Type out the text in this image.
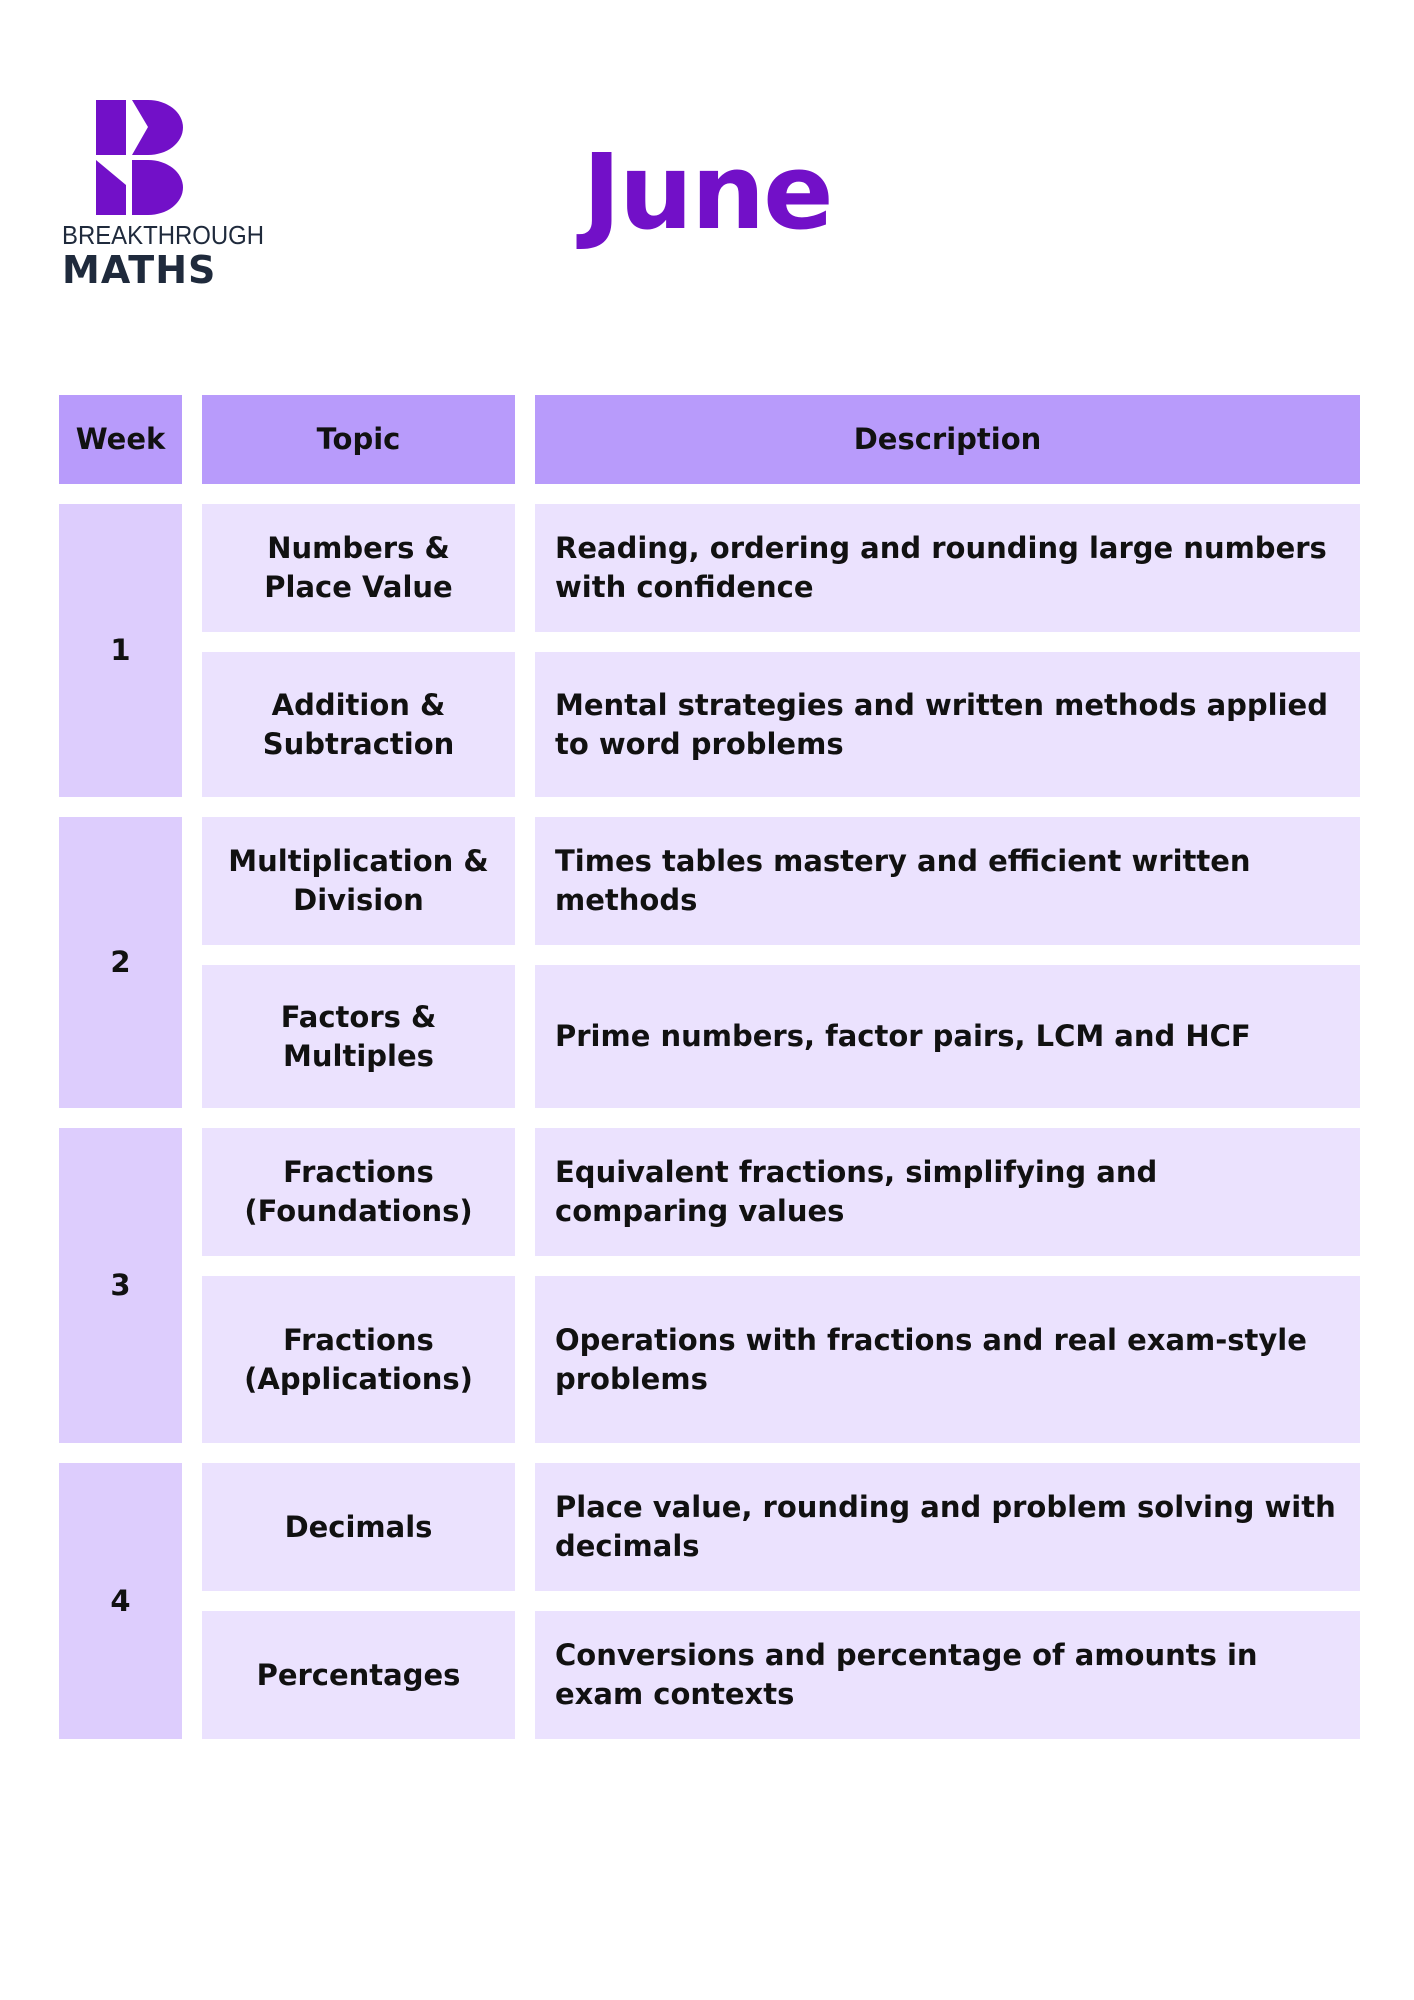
BREAKTHROUGH
MATHS
June
Week	Topic	Description
1
Numbers & Place Value
Reading, ordering and rounding large numbers with confidence
Addition & Subtraction
Mental strategies and written methods applied to word problems
2
Multiplication & Division
Times tables mastery and efficient written methods
Factors & Multiples
Prime numbers, factor pairs, LCM and HCF
3
Fractions (Foundations)
Equivalent fractions, simplifying and comparing values
Fractions (Applications)
Operations with fractions and real exam-style problems
4
Decimals
Place value, rounding and problem solving with decimals
Percentages
Conversions and percentage of amounts in exam contexts
